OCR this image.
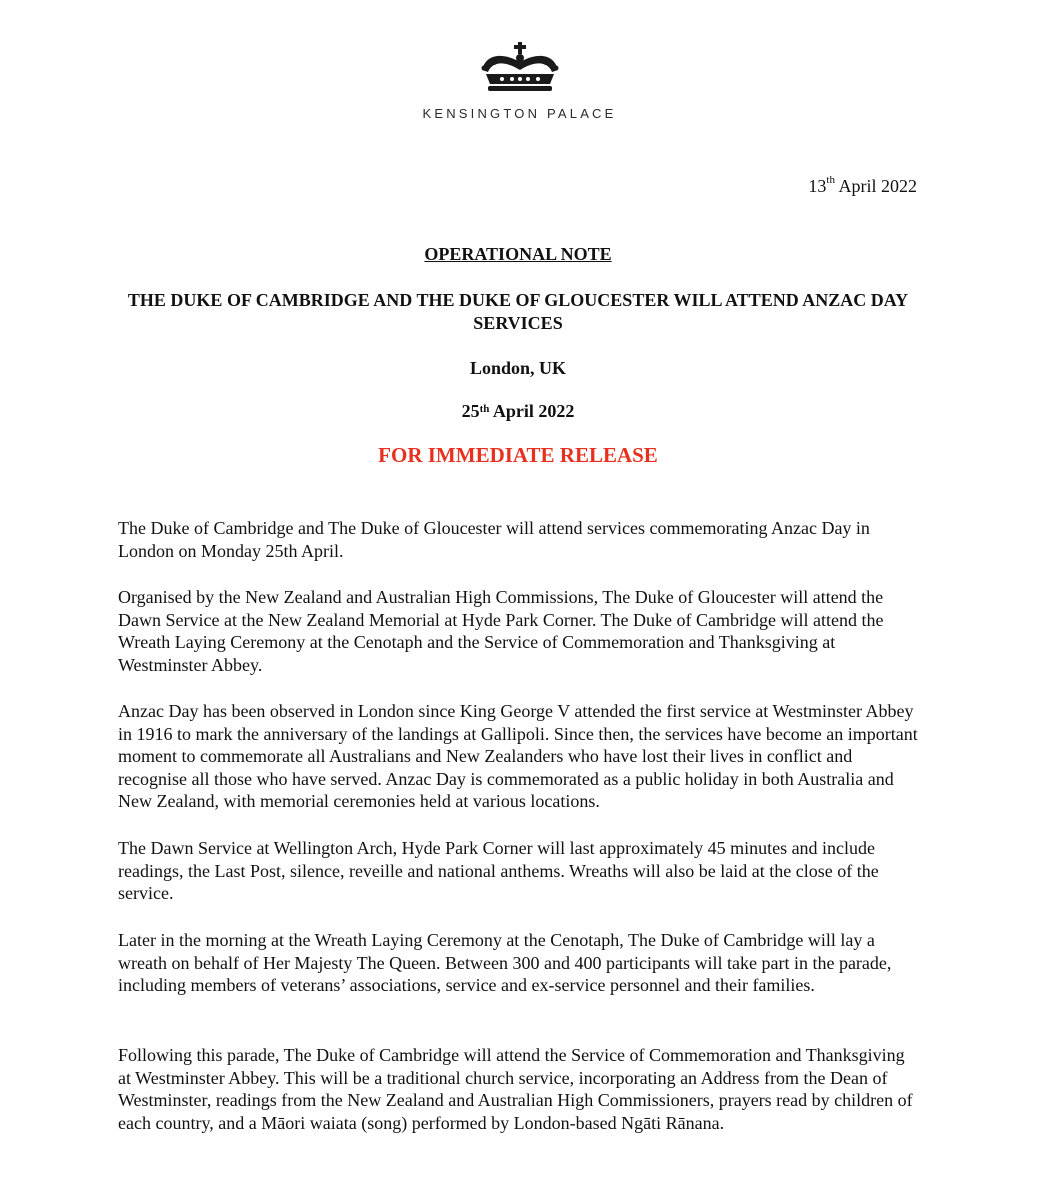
KENSINGTON PALACE
13th April 2022
OPERATIONAL NOTE
THE DUKE OF CAMBRIDGE AND THE DUKE OF GLOUCESTER WILL ATTEND ANZAC DAY SERVICES
London, UK
25th April 2022
FOR IMMEDIATE RELEASE

The Duke of Cambridge and The Duke of Gloucester will attend services commemorating Anzac Day in London on Monday 25th April.

Organised by the New Zealand and Australian High Commissions, The Duke of Gloucester will attend the Dawn Service at the New Zealand Memorial at Hyde Park Corner. The Duke of Cambridge will attend the Wreath Laying Ceremony at the Cenotaph and the Service of Commemoration and Thanksgiving at Westminster Abbey.

Anzac Day has been observed in London since King George V attended the first service at Westminster Abbey in 1916 to mark the anniversary of the landings at Gallipoli. Since then, the services have become an important moment to commemorate all Australians and New Zealanders who have lost their lives in conflict and recognise all those who have served. Anzac Day is commemorated as a public holiday in both Australia and New Zealand, with memorial ceremonies held at various locations.

The Dawn Service at Wellington Arch, Hyde Park Corner will last approximately 45 minutes and include readings, the Last Post, silence, reveille and national anthems. Wreaths will also be laid at the close of the service.

Later in the morning at the Wreath Laying Ceremony at the Cenotaph, The Duke of Cambridge will lay a wreath on behalf of Her Majesty The Queen. Between 300 and 400 participants will take part in the parade, including members of veterans’ associations, service and ex-service personnel and their families.

Following this parade, The Duke of Cambridge will attend the Service of Commemoration and Thanksgiving at Westminster Abbey. This will be a traditional church service, incorporating an Address from the Dean of Westminster, readings from the New Zealand and Australian High Commissioners, prayers read by children of each country, and a Māori waiata (song) performed by London-based Ngāti Rānana.
